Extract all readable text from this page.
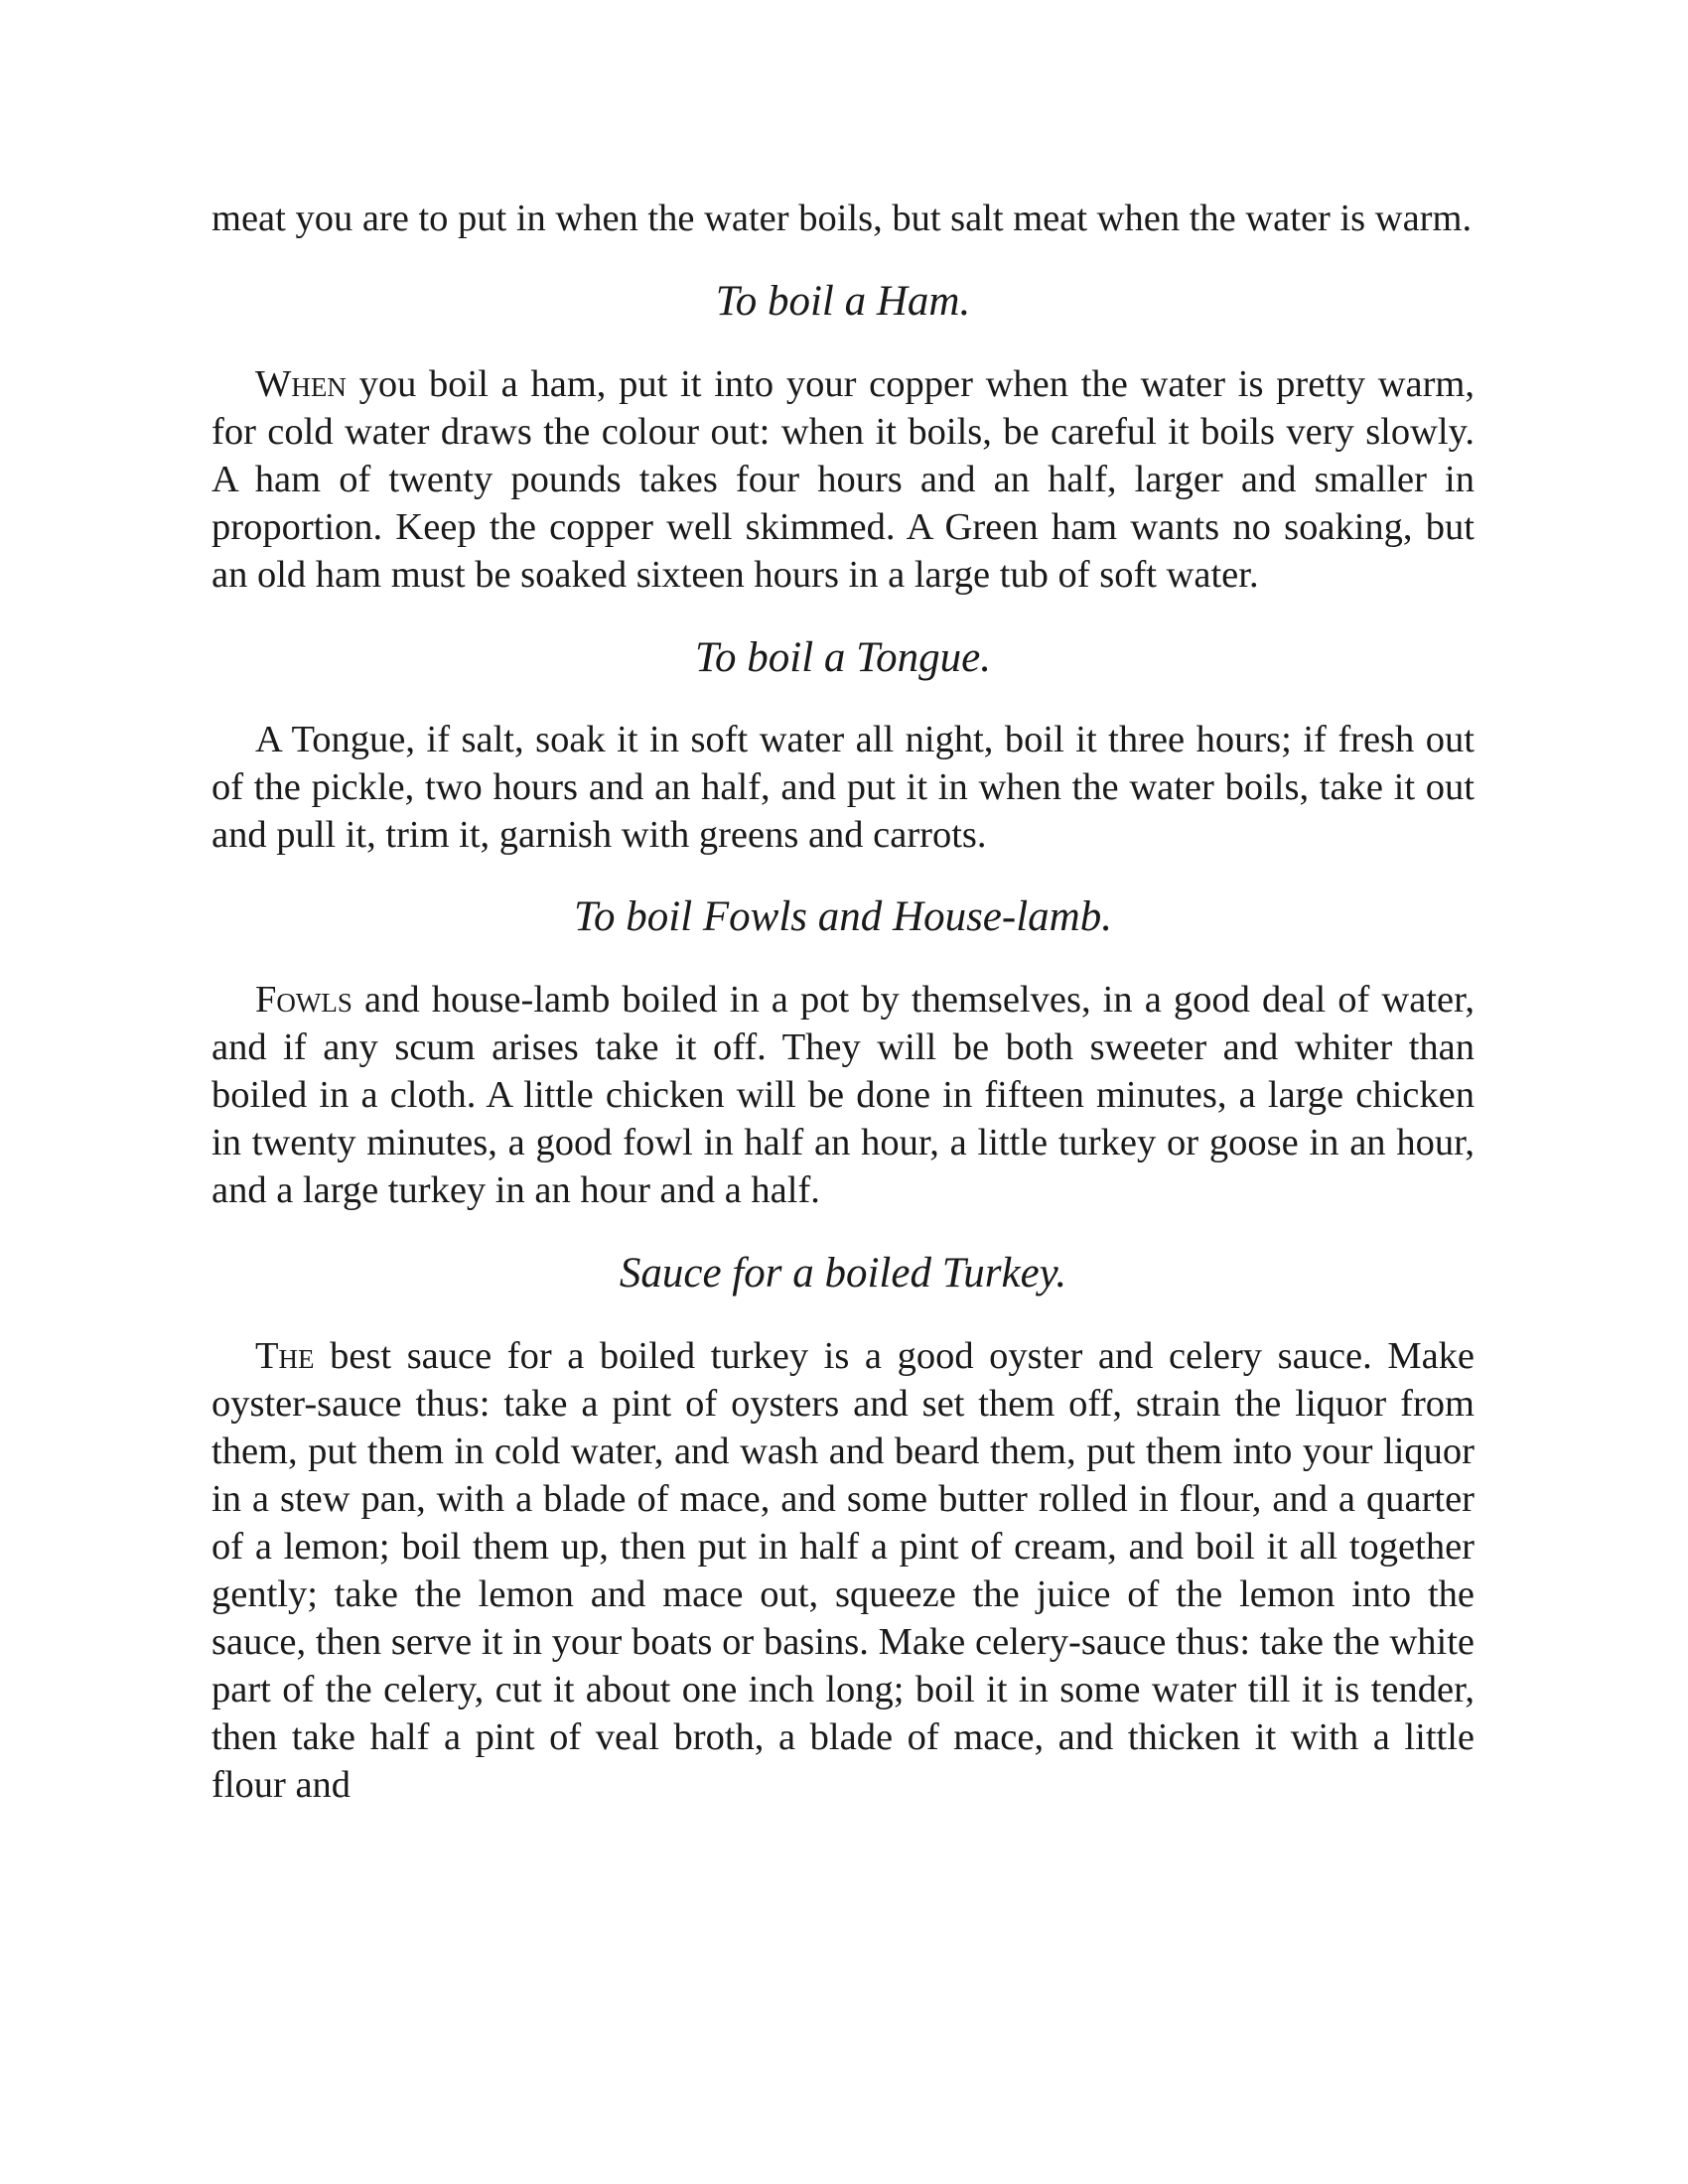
meat you are to put in when the water boils, but salt meat when the water is warm.

To boil a Ham.

When you boil a ham, put it into your copper when the water is pretty warm, for cold water draws the colour out: when it boils, be careful it boils very slowly. A ham of twenty pounds takes four hours and an half, larger and smaller in proportion. Keep the copper well skimmed. A Green ham wants no soaking, but an old ham must be soaked sixteen hours in a large tub of soft water.

To boil a Tongue.

A Tongue, if salt, soak it in soft water all night, boil it three hours; if fresh out of the pickle, two hours and an half, and put it in when the water boils, take it out and pull it, trim it, garnish with greens and carrots.

To boil Fowls and House-lamb.

Fowls and house-lamb boiled in a pot by themselves, in a good deal of water, and if any scum arises take it off. They will be both sweeter and whiter than boiled in a cloth. A little chicken will be done in fifteen minutes, a large chicken in twenty minutes, a good fowl in half an hour, a little turkey or goose in an hour, and a large turkey in an hour and a half.

Sauce for a boiled Turkey.

The best sauce for a boiled turkey is a good oyster and celery sauce. Make oyster-sauce thus: take a pint of oysters and set them off, strain the liquor from them, put them in cold water, and wash and beard them, put them into your liquor in a stew pan, with a blade of mace, and some butter rolled in flour, and a quarter of a lemon; boil them up, then put in half a pint of cream, and boil it all together gently; take the lemon and mace out, squeeze the juice of the lemon into the sauce, then serve it in your boats or basins. Make celery-sauce thus: take the white part of the celery, cut it about one inch long; boil it in some water till it is tender, then take half a pint of veal broth, a blade of mace, and thicken it with a little flour and
